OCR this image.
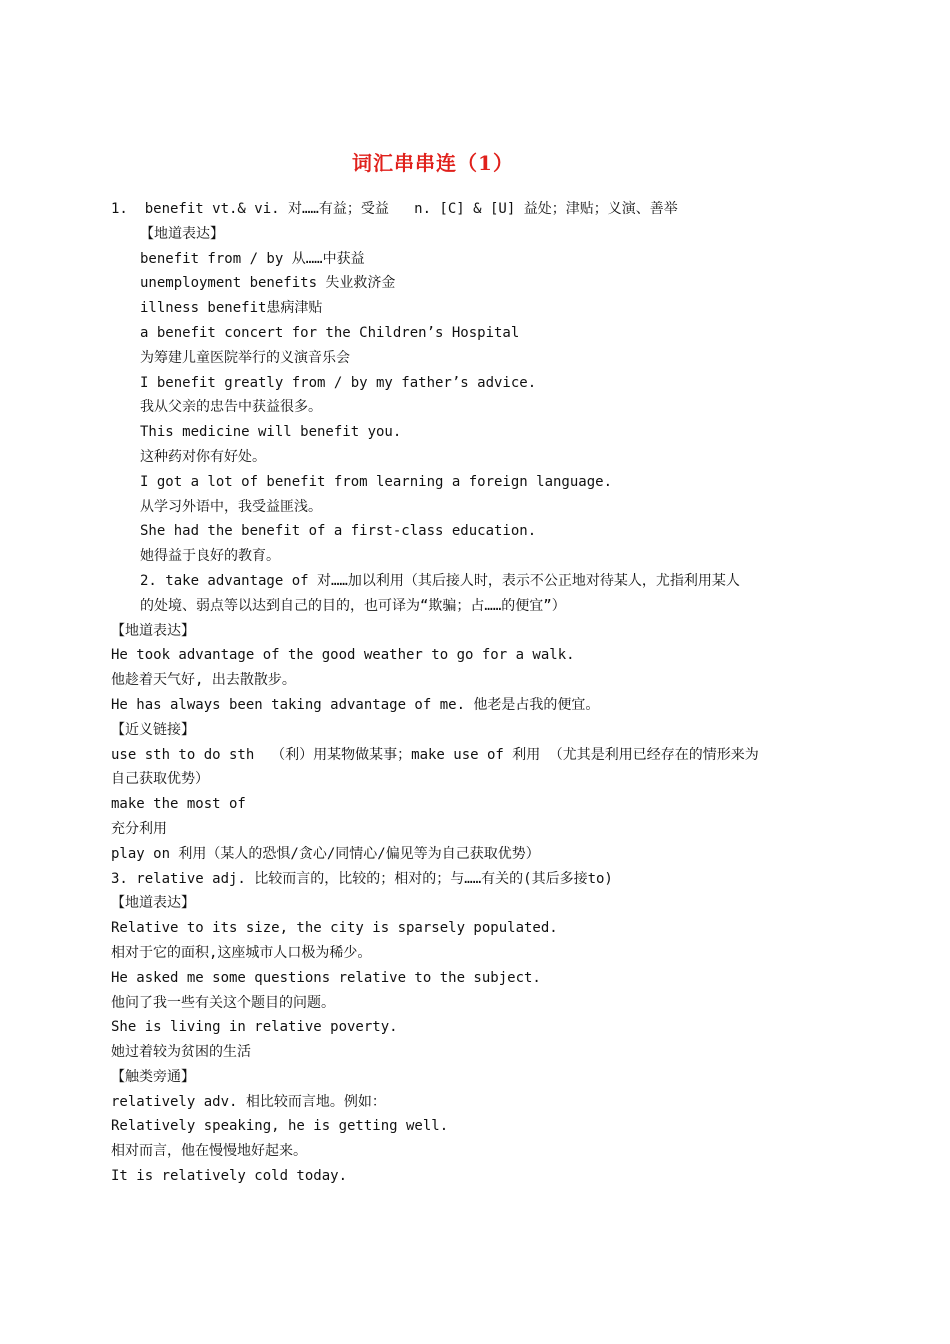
词汇串串连（1）
1.  benefit vt.& vi. 对……有益；受益   n. [C] & [U] 益处；津贴；义演、善举
【地道表达】
benefit from / by 从……中获益
unemployment benefits 失业救济金
illness benefit患病津贴
a benefit concert for the Children’s Hospital
为筹建儿童医院举行的义演音乐会
I benefit greatly from / by my father’s advice.
我从父亲的忠告中获益很多。
This medicine will benefit you.
这种药对你有好处。
I got a lot of benefit from learning a foreign language.
从学习外语中，我受益匪浅。
She had the benefit of a first-class education.
她得益于良好的教育。
2. take advantage of 对……加以利用（其后接人时，表示不公正地对待某人，尤指利用某人
的处境、弱点等以达到自己的目的，也可译为“欺骗；占……的便宜”）
【地道表达】
He took advantage of the good weather to go for a walk.
他趁着天气好, 出去散散步。
He has always been taking advantage of me. 他老是占我的便宜。
【近义链接】
use sth to do sth  （利）用某物做某事；make use of 利用 （尤其是利用已经存在的情形来为
自己获取优势）
make the most of
充分利用
play on 利用（某人的恐惧/贪心/同情心/偏见等为自己获取优势）
3. relative adj. 比较而言的，比较的；相对的；与……有关的(其后多接to)
【地道表达】
Relative to its size, the city is sparsely populated.
相对于它的面积,这座城市人口极为稀少。
He asked me some questions relative to the subject.
他问了我一些有关这个题目的问题。
She is living in relative poverty.
她过着较为贫困的生活
【触类旁通】
relatively adv. 相比较而言地。例如：
Relatively speaking, he is getting well.
相对而言，他在慢慢地好起来。
It is relatively cold today.
